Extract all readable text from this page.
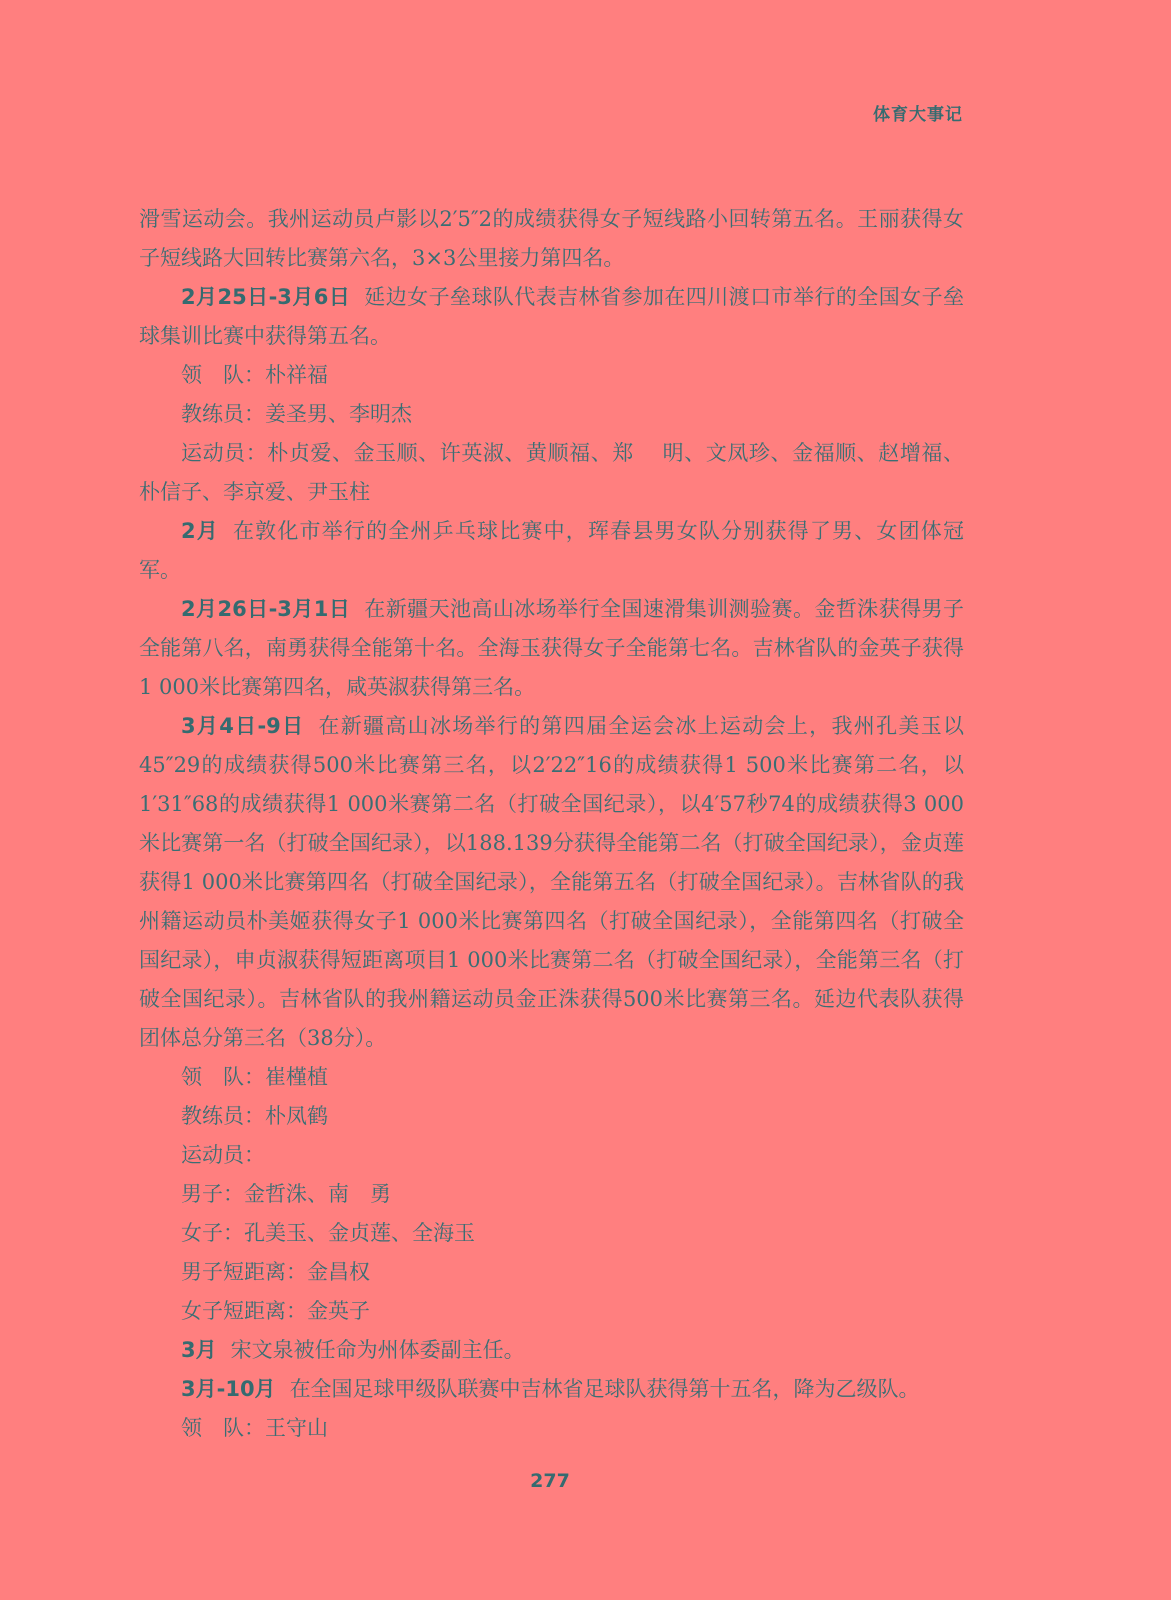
体育大事记

滑雪运动会。我州运动员卢影以2′5″2的成绩获得女子短线路小回转第五名。王丽获得女子短线路大回转比赛第六名，3×3公里接力第四名。

2月25日-3月6日 延边女子垒球队代表吉林省参加在四川渡口市举行的全国女子垒球集训比赛中获得第五名。

领　队：朴祥福

教练员：姜圣男、李明杰

运动员：朴贞爱、金玉顺、许英淑、黄顺福、郑　 明、文凤珍、金福顺、赵增福、朴信子、李京爱、尹玉柱

2月 在敦化市举行的全州乒乓球比赛中，珲春县男女队分别获得了男、女团体冠军。

2月26日-3月1日 在新疆天池高山冰场举行全国速滑集训测验赛。金哲洙获得男子全能第八名，南勇获得全能第十名。全海玉获得女子全能第七名。吉林省队的金英子获得1 000米比赛第四名，咸英淑获得第三名。

3月4日-9日 在新疆高山冰场举行的第四届全运会冰上运动会上，我州孔美玉以45″29的成绩获得500米比赛第三名，以2′22″16的成绩获得1 500米比赛第二名，以1′31″68的成绩获得1 000米赛第二名（打破全国纪录），以4′57秒74的成绩获得3 000米比赛第一名（打破全国纪录），以188.139分获得全能第二名（打破全国纪录），金贞莲获得1 000米比赛第四名（打破全国纪录），全能第五名（打破全国纪录）。吉林省队的我州籍运动员朴美姬获得女子1 000米比赛第四名（打破全国纪录），全能第四名（打破全国纪录），申贞淑获得短距离项目1 000米比赛第二名（打破全国纪录），全能第三名（打破全国纪录）。吉林省队的我州籍运动员金正洙获得500米比赛第三名。延边代表队获得团体总分第三名（38分）。

领　队：崔槿植

教练员：朴凤鹤

运动员：

男子：金哲洙、南　勇

女子：孔美玉、金贞莲、全海玉

男子短距离：金昌权

女子短距离：金英子

3月 宋文泉被任命为州体委副主任。

3月-10月 在全国足球甲级队联赛中吉林省足球队获得第十五名，降为乙级队。

领　队：王守山

277
